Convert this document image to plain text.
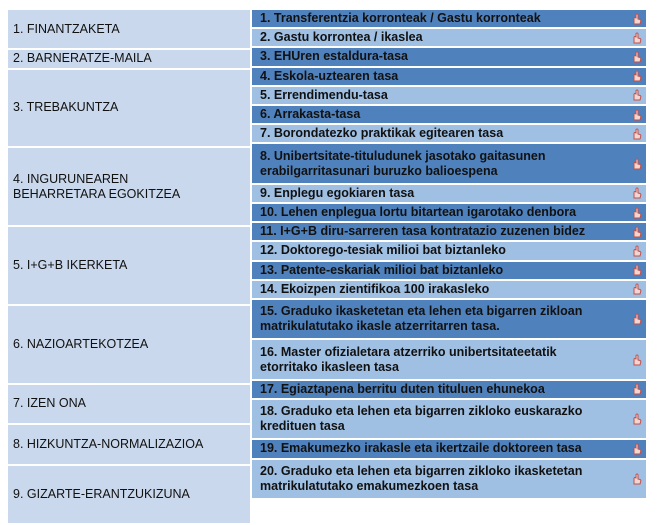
1. FINANTZAKETA
2. BARNERATZE-MAILA
3. TREBAKUNTZA
4. INGURUNEAREN
BEHARRETARA EGOKITZEA
5. I+G+B IKERKETA
6. NAZIOARTEKOTZEA
7. IZEN ONA
8. HIZKUNTZA-NORMALIZAZIOA
9. GIZARTE-ERANTZUKIZUNA
1. Transferentzia korronteak / Gastu korronteak
2. Gastu korrontea / ikaslea
3. EHUren estaldura-tasa
4. Eskola-uztearen tasa
5. Errendimendu-tasa
6. Arrakasta-tasa
7. Borondatezko praktikak egitearen tasa
8. Unibertsitate-tituludunek jasotako gaitasunen
erabilgarritasunari buruzko balioespena
9. Enplegu egokiaren tasa
10. Lehen enplegua lortu bitartean igarotako denbora
11. I+G+B diru-sarreren tasa kontratazio zuzenen bidez
12. Doktorego-tesiak milioi bat biztanleko
13. Patente-eskariak milioi bat biztanleko
14. Ekoizpen zientifikoa 100 irakasleko
15. Graduko ikasketetan eta lehen eta bigarren zikloan
matrikulatutako ikasle atzerritarren tasa.
16. Master ofizialetara atzerriko unibertsitateetatik
etorritako ikasleen tasa
17. Egiaztapena berritu duten tituluen ehunekoa
18. Graduko eta lehen eta bigarren zikloko euskarazko
kredituen tasa
19. Emakumezko irakasle eta ikertzaile doktoreen tasa
20. Graduko eta lehen eta bigarren zikloko ikasketetan
matrikulatutako emakumezkoen tasa
